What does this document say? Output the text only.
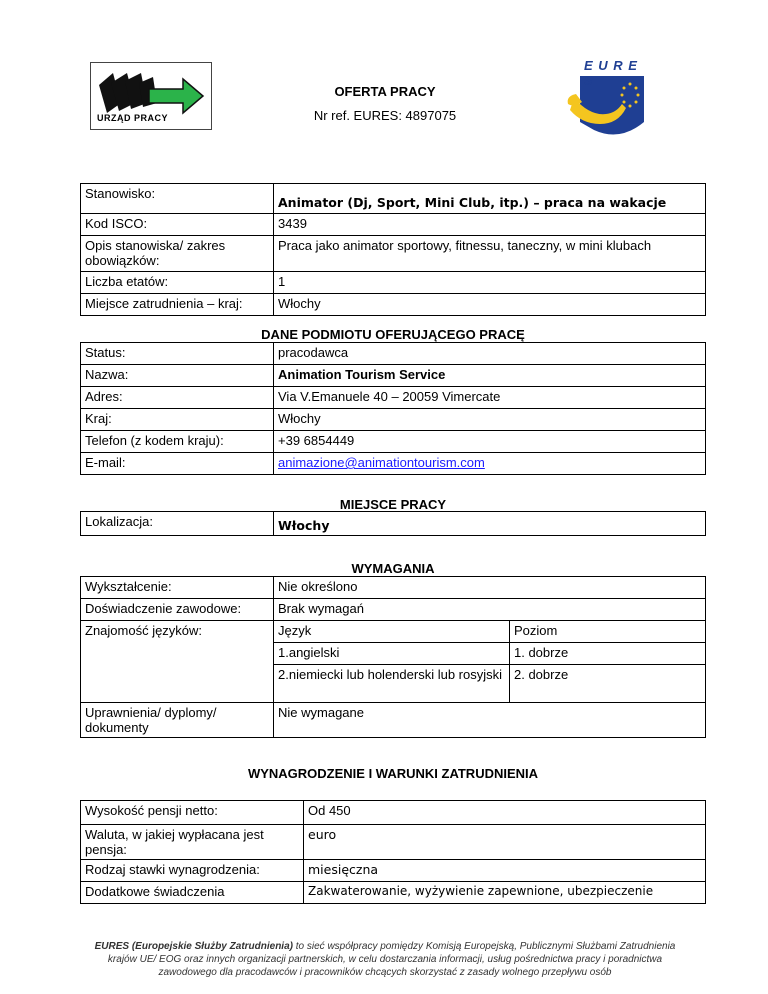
URZĄD PRACY
OFERTA PRACY
Nr ref. EURES: 4897075
E U R E S
Stanowisko:	Animator (Dj, Sport, Mini Club, itp.) – praca na wakacje
Kod ISCO:	3439
Opis stanowiska/ zakres obowiązków:	Praca jako animator sportowy, fitnessu, taneczny, w mini klubach
Liczba etatów:	1
Miejsce zatrudnienia – kraj:	Włochy
DANE PODMIOTU OFERUJĄCEGO PRACĘ
Status:	pracodawca
Nazwa:	Animation Tourism Service
Adres:	Via V.Emanuele 40 – 20059 Vimercate
Kraj:	Włochy
Telefon (z kodem kraju):	+39 6854449
E-mail:	animazione@animationtourism.com
MIEJSCE PRACY
Lokalizacja:	Włochy
WYMAGANIA
Wykształcenie:	Nie określono	
Doświadczenie zawodowe:	Brak wymagań	
Znajomość języków:	Język	Poziom
	1.angielski	1. dobrze
	2.niemiecki lub holenderski lub rosyjski	2. dobrze
Uprawnienia/ dyplomy/ dokumenty	Nie wymagane	
WYNAGRODZENIE I WARUNKI ZATRUDNIENIA
Wysokość pensji netto:	Od 450
Waluta, w jakiej wypłacana jest pensja:	euro
Rodzaj stawki wynagrodzenia:	miesięczna
Dodatkowe świadczenia	Zakwaterowanie, wyżywienie zapewnione, ubezpieczenie
EURES (Europejskie Służby Zatrudnienia) to sieć współpracy pomiędzy Komisją Europejską, Publicznymi Służbami Zatrudnienia krajów UE/ EOG oraz innych organizacji partnerskich, w celu dostarczania informacji, usług pośrednictwa pracy i poradnictwa zawodowego dla pracodawców i pracowników chcących skorzystać z zasady wolnego przepływu osób
